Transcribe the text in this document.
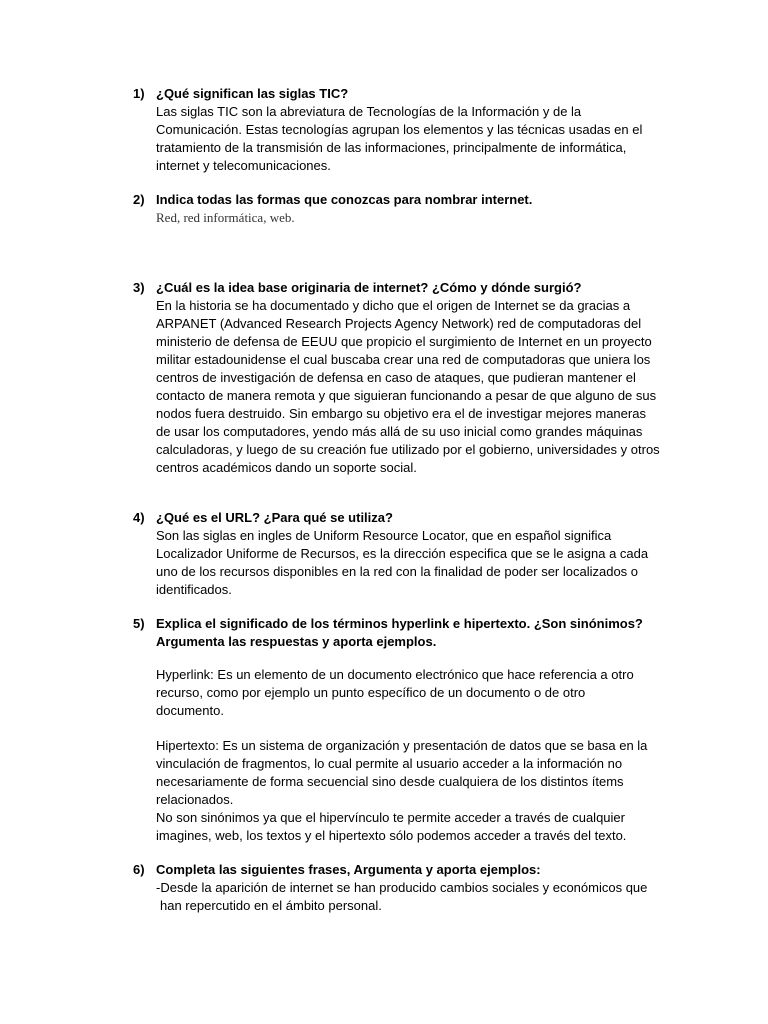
1) ¿Qué significan las siglas TIC?
Las siglas TIC son la abreviatura de Tecnologías de la Información y de la
Comunicación. Estas tecnologías agrupan los elementos y las técnicas usadas en el
tratamiento de la transmisión de las informaciones, principalmente de informática,
internet y telecomunicaciones.
2) Indica todas las formas que conozcas para nombrar internet.
Red, red informática, web.
3) ¿Cuál es la idea base originaria de internet? ¿Cómo y dónde surgió?
En la historia se ha documentado y dicho que el origen de Internet se da gracias a
ARPANET (Advanced Research Projects Agency Network) red de computadoras del
ministerio de defensa de EEUU que propicio el surgimiento de Internet en un proyecto
militar estadounidense el cual buscaba crear una red de computadoras que uniera los
centros de investigación de defensa en caso de ataques, que pudieran mantener el
contacto de manera remota y que siguieran funcionando a pesar de que alguno de sus
nodos fuera destruido. Sin embargo su objetivo era el de investigar mejores maneras
de usar los computadores, yendo más allá de su uso inicial como grandes máquinas
calculadoras, y luego de su creación fue utilizado por el gobierno, universidades y otros
centros académicos dando un soporte social.
4) ¿Qué es el URL? ¿Para qué se utiliza?
Son las siglas en ingles de Uniform Resource Locator, que en español significa
Localizador Uniforme de Recursos, es la dirección especifica que se le asigna a cada
uno de los recursos disponibles en la red con la finalidad de poder ser localizados o
identificados.
5) Explica el significado de los términos hyperlink e hipertexto. ¿Son sinónimos?
Argumenta las respuestas y aporta ejemplos.
Hyperlink: Es un elemento de un documento electrónico que hace referencia a otro
recurso, como por ejemplo un punto específico de un documento o de otro
documento.
Hipertexto: Es un sistema de organización y presentación de datos que se basa en la
vinculación de fragmentos, lo cual permite al usuario acceder a la información no
necesariamente de forma secuencial sino desde cualquiera de los distintos ítems
relacionados.
No son sinónimos ya que el hipervínculo te permite acceder a través de cualquier
imagines, web, los textos y el hipertexto sólo podemos acceder a través del texto.
6) Completa las siguientes frases, Argumenta y aporta ejemplos:
-Desde la aparición de internet se han producido cambios sociales y económicos que
han repercutido en el ámbito personal.
